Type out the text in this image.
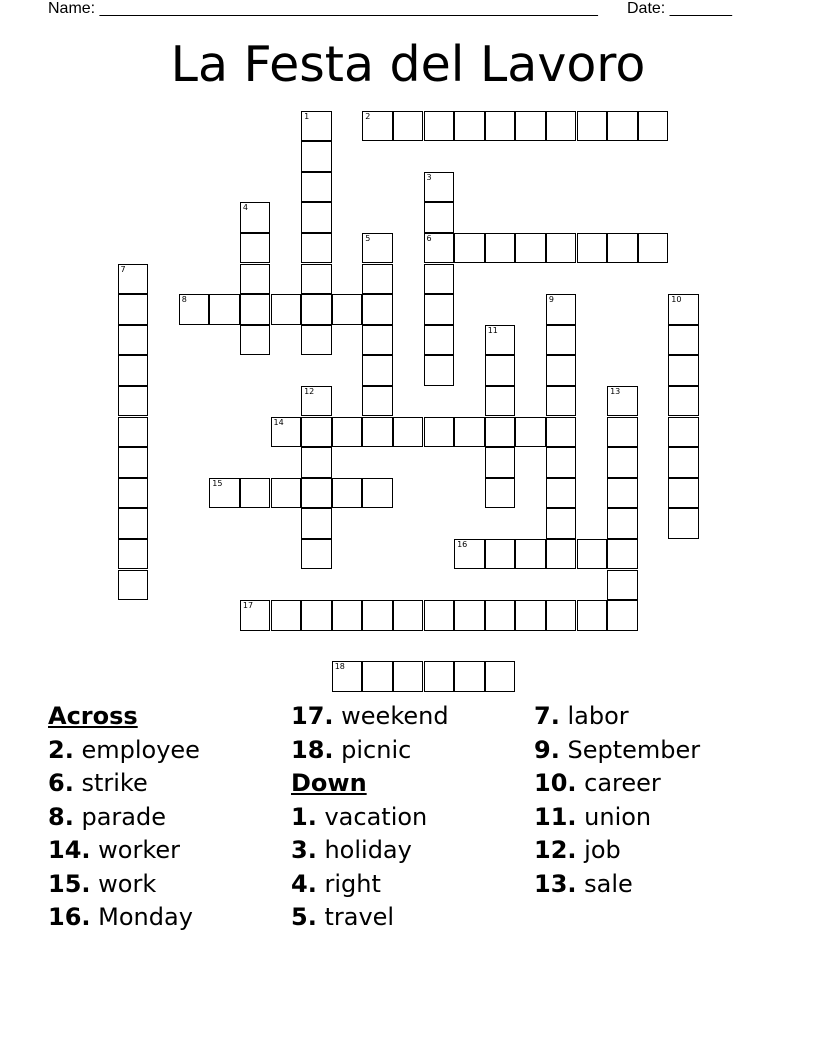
Name: ________________________________________________________ Date: _______
La Festa del Lavoro
1	2
3
6
4
5
7
8	9	10
11
12	13
14
15
16
17
18
Across
2. employee
6. strike
8. parade
14. worker
15. work
16. Monday
17. weekend
18. picnic
Down
1. vacation
3. holiday
4. right
5. travel
7. labor
9. September
10. career
11. union
12. job
13. sale
